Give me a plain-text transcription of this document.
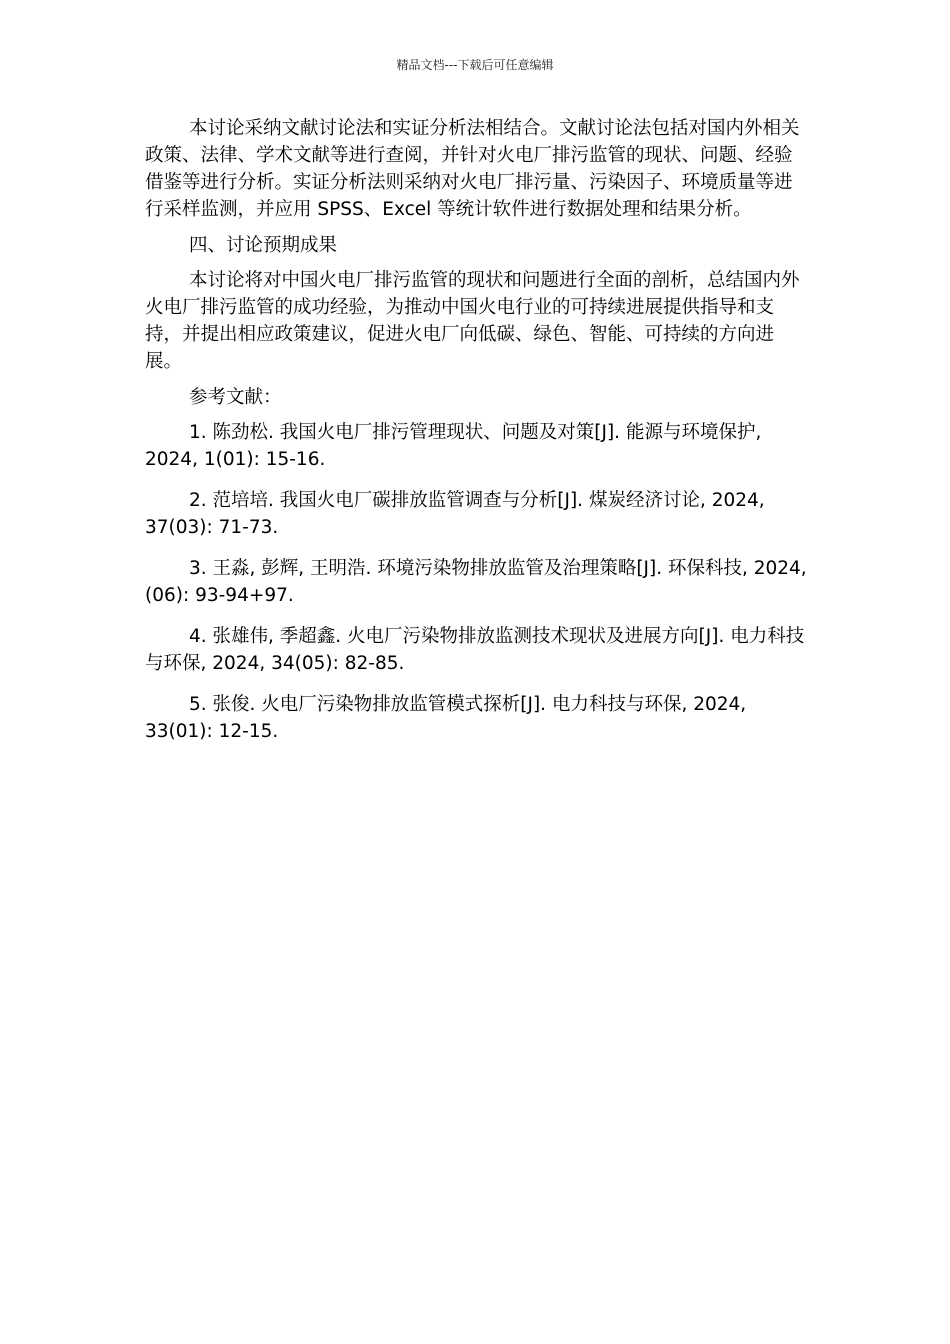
精品文档---下载后可任意编辑

本讨论采纳文献讨论法和实证分析法相结合。文献讨论法包括对国内外相关政策、法律、学术文献等进行查阅，并针对火电厂排污监管的现状、问题、经验借鉴等进行分析。实证分析法则采纳对火电厂排污量、污染因子、环境质量等进行采样监测，并应用 SPSS、Excel 等统计软件进行数据处理和结果分析。

四、讨论预期成果

本讨论将对中国火电厂排污监管的现状和问题进行全面的剖析，总结国内外火电厂排污监管的成功经验，为推动中国火电行业的可持续进展提供指导和支持，并提出相应政策建议，促进火电厂向低碳、绿色、智能、可持续的方向进展。

参考文献：

1. 陈劲松. 我国火电厂排污管理现状、问题及对策[J]. 能源与环境保护, 2024, 1(01): 15-16.

2. 范培培. 我国火电厂碳排放监管调查与分析[J]. 煤炭经济讨论, 2024, 37(03): 71-73.

3. 王淼, 彭辉, 王明浩. 环境污染物排放监管及治理策略[J]. 环保科技, 2024, (06): 93-94+97.

4. 张雄伟, 季超鑫. 火电厂污染物排放监测技术现状及进展方向[J]. 电力科技与环保, 2024, 34(05): 82-85.

5. 张俊. 火电厂污染物排放监管模式探析[J]. 电力科技与环保, 2024, 33(01): 12-15.
